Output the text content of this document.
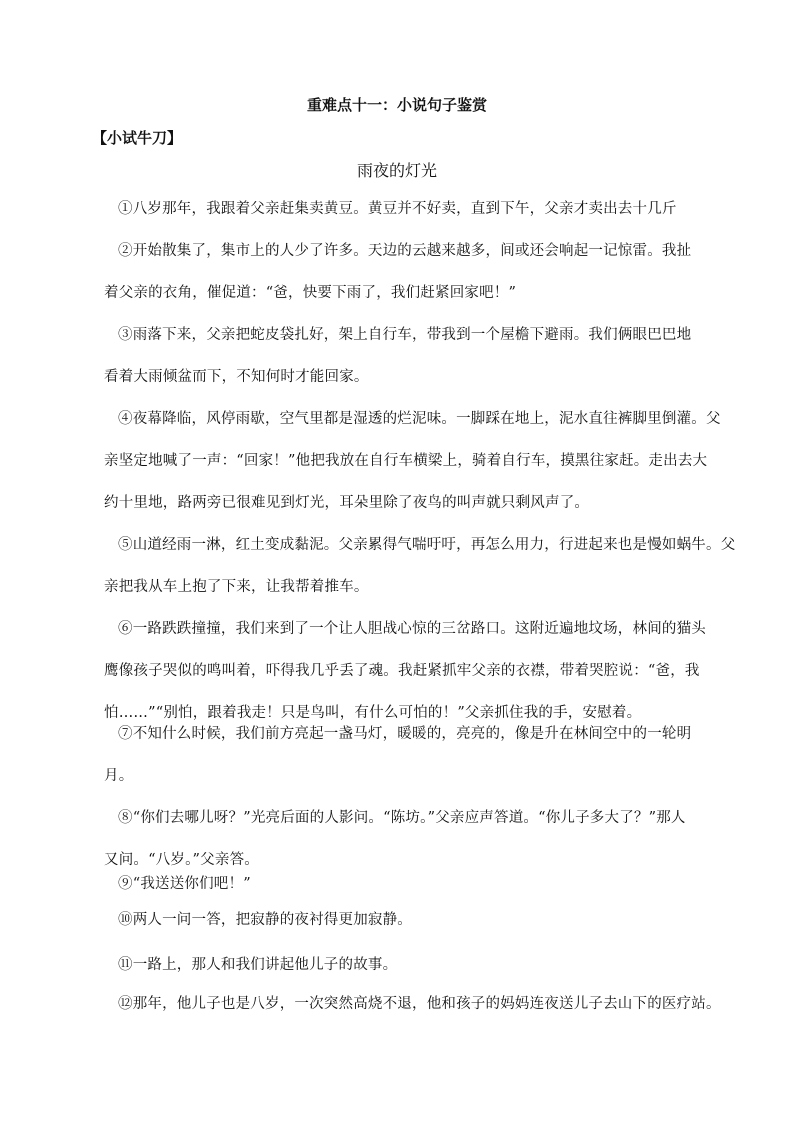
重难点十一：小说句子鉴赏
【小试牛刀】
雨夜的灯光
①八岁那年，我跟着父亲赶集卖黄豆。黄豆并不好卖，直到下午，父亲才卖出去十几斤
②开始散集了，集市上的人少了许多。天边的云越来越多，间或还会响起一记惊雷。我扯
着父亲的衣角，催促道：“爸，快要下雨了，我们赶紧回家吧！”
③雨落下来，父亲把蛇皮袋扎好，架上自行车，带我到一个屋檐下避雨。我们俩眼巴巴地
看着大雨倾盆而下，不知何时才能回家。
④夜幕降临，风停雨歇，空气里都是湿透的烂泥味。一脚踩在地上，泥水直往裤脚里倒灌。父
亲坚定地喊了一声：“回家！”他把我放在自行车横梁上，骑着自行车，摸黑往家赶。走出去大
约十里地，路两旁已很难见到灯光，耳朵里除了夜鸟的叫声就只剩风声了。
⑤山道经雨一淋，红土变成黏泥。父亲累得气喘吁吁，再怎么用力，行进起来也是慢如蜗牛。父
亲把我从车上抱了下来，让我帮着推车。
⑥一路跌跌撞撞，我们来到了一个让人胆战心惊的三岔路口。这附近遍地坟场，林间的猫头
鹰像孩子哭似的鸣叫着，吓得我几乎丢了魂。我赶紧抓牢父亲的衣襟，带着哭腔说：“爸，我
怕……”“别怕，跟着我走！只是鸟叫，有什么可怕的！”父亲抓住我的手，安慰着。
⑦不知什么时候，我们前方亮起一盏马灯，暖暖的，亮亮的，像是升在林间空中的一轮明
月。
⑧“你们去哪儿呀？”光亮后面的人影问。“陈坊。”父亲应声答道。“你儿子多大了？”那人
又问。“八岁。”父亲答。
⑨“我送送你们吧！”
⑩两人一问一答，把寂静的夜衬得更加寂静。
⑪一路上，那人和我们讲起他儿子的故事。
⑫那年，他儿子也是八岁，一次突然高烧不退，他和孩子的妈妈连夜送儿子去山下的医疗站。
